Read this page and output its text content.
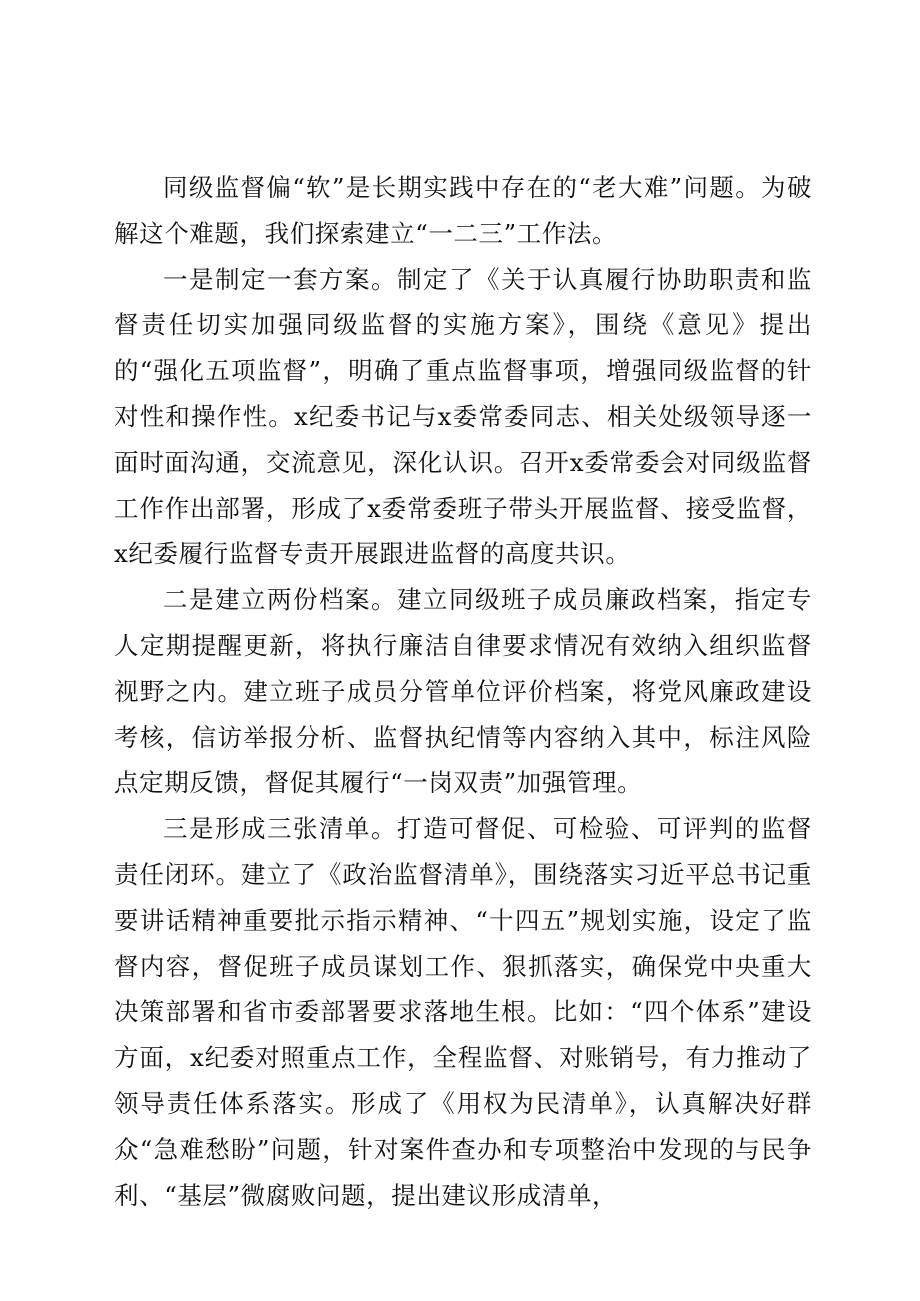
同级监督偏“软”是长期实践中存在的“老大难”问题。为破解这个难题，我们探索建立“一二三”工作法。

一是制定一套方案。制定了《关于认真履行协助职责和监督责任切实加强同级监督的实施方案》，围绕《意见》提出的“强化五项监督”，明确了重点监督事项，增强同级监督的针对性和操作性。x纪委书记与x委常委同志、相关处级领导逐一面时面沟通，交流意见，深化认识。召开x委常委会对同级监督工作作出部署，形成了x委常委班子带头开展监督、接受监督，x纪委履行监督专责开展跟进监督的高度共识。

二是建立两份档案。建立同级班子成员廉政档案，指定专人定期提醒更新，将执行廉洁自律要求情况有效纳入组织监督视野之内。建立班子成员分管单位评价档案，将党风廉政建设考核，信访举报分析、监督执纪情等内容纳入其中，标注风险点定期反馈，督促其履行“一岗双责”加强管理。

三是形成三张清单。打造可督促、可检验、可评判的监督责任闭环。建立了《政治监督清单》，围绕落实习近平总书记重要讲话精神重要批示指示精神、“十四五”规划实施，设定了监督内容，督促班子成员谋划工作、狠抓落实，确保党中央重大决策部署和省市委部署要求落地生根。比如：“四个体系”建设方面，x纪委对照重点工作，全程监督、对账销号，有力推动了领导责任体系落实。形成了《用权为民清单》，认真解决好群众“急难愁盼”问题，针对案件查办和专项整治中发现的与民争利、“基层”微腐败问题，提出建议形成清单，
